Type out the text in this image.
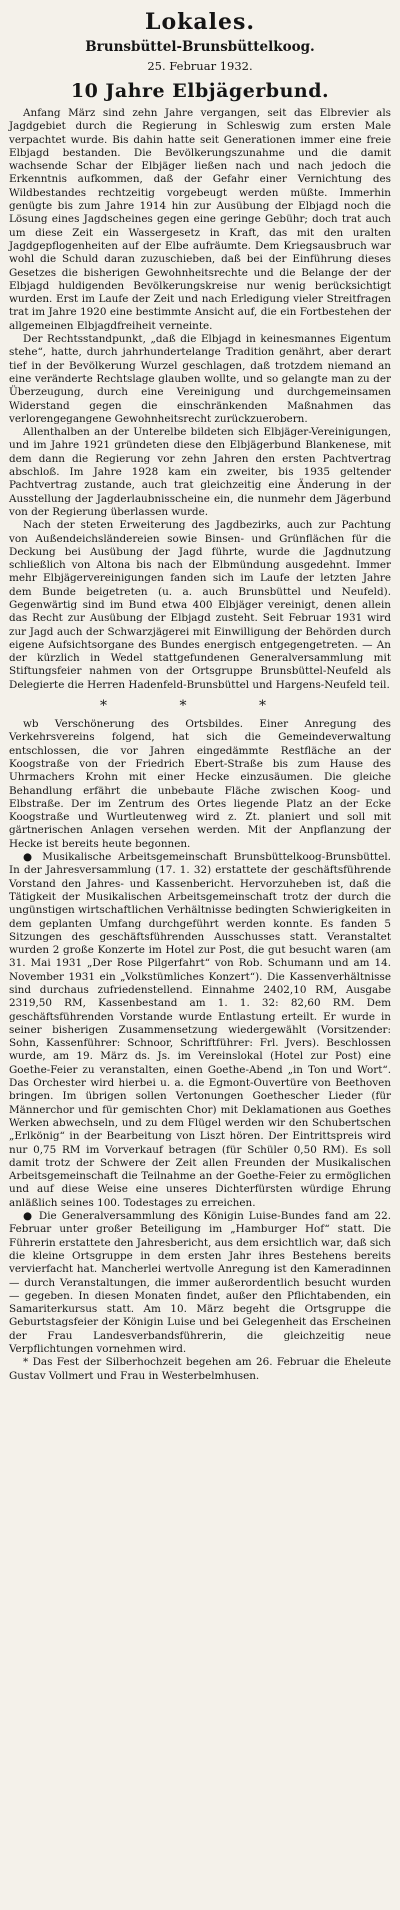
Lokales.
Brunsbüttel-Brunsbüttelkoog.
25. Februar 1932.
10 Jahre Elbjägerbund.

Anfang März sind zehn Jahre vergangen, seit das Elbrevier als Jagdgebiet durch die Regierung in Schleswig zum ersten Male verpachtet wurde. Bis dahin hatte seit Generationen immer eine freie Elbjagd bestanden. Die Bevölkerungszunahme und die damit wachsende Schar der Elbjäger ließen nach und nach jedoch die Erkenntnis aufkommen, daß der Gefahr einer Vernichtung des Wildbestandes rechtzeitig vorgebeugt werden müßte. Immerhin genügte bis zum Jahre 1914 hin zur Ausübung der Elbjagd noch die Lösung eines Jagdscheines gegen eine geringe Gebühr; doch trat auch um diese Zeit ein Wassergesetz in Kraft, das mit den uralten Jagdgepflogenheiten auf der Elbe aufräumte. Dem Kriegsausbruch war wohl die Schuld daran zuzuschieben, daß bei der Einführung dieses Gesetzes die bisherigen Gewohnheitsrechte und die Belange der der Elbjagd huldigenden Bevölkerungskreise nur wenig berücksichtigt wurden. Erst im Laufe der Zeit und nach Erledigung vieler Streitfragen trat im Jahre 1920 eine bestimmte Ansicht auf, die ein Fortbestehen der allgemeinen Elbjagdfreiheit verneinte.

Der Rechtsstandpunkt, „daß die Elbjagd in keinesmannes Eigentum stehe“, hatte, durch jahrhundertelange Tradition genährt, aber derart tief in der Bevölkerung Wurzel geschlagen, daß trotzdem niemand an eine veränderte Rechtslage glauben wollte, und so gelangte man zu der Überzeugung, durch eine Vereinigung und durchgemeinsamen Widerstand gegen die einschränkenden Maßnahmen das verlorengegangene Gewohnheitsrecht zurückzuerobern.

Allenthalben an der Unterelbe bildeten sich Elbjäger-Vereinigungen, und im Jahre 1921 gründeten diese den Elbjägerbund Blankenese, mit dem dann die Regierung vor zehn Jahren den ersten Pachtvertrag abschloß. Im Jahre 1928 kam ein zweiter, bis 1935 geltender Pachtvertrag zustande, auch trat gleichzeitig eine Änderung in der Ausstellung der Jagderlaubnisscheine ein, die nunmehr dem Jägerbund von der Regierung überlassen wurde.

Nach der steten Erweiterung des Jagdbezirks, auch zur Pachtung von Außendeichsländereien sowie Binsen- und Grünflächen für die Deckung bei Ausübung der Jagd führte, wurde die Jagdnutzung schließlich von Altona bis nach der Elbmündung ausgedehnt. Immer mehr Elbjägervereinigungen fanden sich im Laufe der letzten Jahre dem Bunde beigetreten (u. a. auch Brunsbüttel und Neufeld). Gegenwärtig sind im Bund etwa 400 Elbjäger vereinigt, denen allein das Recht zur Ausübung der Elbjagd zusteht. Seit Februar 1931 wird zur Jagd auch der Schwarzjägerei mit Einwilligung der Behörden durch eigene Aufsichtsorgane des Bundes energisch entgegengetreten. — An der kürzlich in Wedel stattgefundenen Generalversammlung mit Stiftungsfeier nahmen von der Ortsgruppe Brunsbüttel-Neufeld als Delegierte die Herren Hadenfeld-Brunsbüttel und Hargens-Neufeld teil.

* * *

wb Verschönerung des Ortsbildes. Einer Anregung des Verkehrsvereins folgend, hat sich die Gemeindeverwaltung entschlossen, die vor Jahren eingedämmte Restfläche an der Koogstraße von der Friedrich Ebert-Straße bis zum Hause des Uhrmachers Krohn mit einer Hecke einzusäumen. Die gleiche Behandlung erfährt die unbebaute Fläche zwischen Koog- und Elbstraße. Der im Zentrum des Ortes liegende Platz an der Ecke Koogstraße und Wurtleutenweg wird z. Zt. planiert und soll mit gärtnerischen Anlagen versehen werden. Mit der Anpflanzung der Hecke ist bereits heute begonnen.

● Musikalische Arbeitsgemeinschaft Brunsbüttelkoog-Brunsbüttel. In der Jahresversammlung (17. 1. 32) erstattete der geschäftsführende Vorstand den Jahres- und Kassenbericht. Hervorzuheben ist, daß die Tätigkeit der Musikalischen Arbeitsgemeinschaft trotz der durch die ungünstigen wirtschaftlichen Verhältnisse bedingten Schwierigkeiten in dem geplanten Umfang durchgeführt werden konnte. Es fanden 5 Sitzungen des geschäftsführenden Ausschusses statt. Veranstaltet wurden 2 große Konzerte im Hotel zur Post, die gut besucht waren (am 31. Mai 1931 „Der Rose Pilgerfahrt“ von Rob. Schumann und am 14. November 1931 ein „Volkstümliches Konzert“). Die Kassenverhältnisse sind durchaus zufriedenstellend. Einnahme 2402,10 RM, Ausgabe 2319,50 RM, Kassenbestand am 1. 1. 32: 82,60 RM. Dem geschäftsführenden Vorstande wurde Entlastung erteilt. Er wurde in seiner bisherigen Zusammensetzung wiedergewählt (Vorsitzender: Sohn, Kassenführer: Schnoor, Schriftführer: Frl. Jvers). Beschlossen wurde, am 19. März ds. Js. im Vereinslokal (Hotel zur Post) eine Goethe-Feier zu veranstalten, einen Goethe-Abend „in Ton und Wort“. Das Orchester wird hierbei u. a. die Egmont-Ouvertüre von Beethoven bringen. Im übrigen sollen Vertonungen Goethescher Lieder (für Männerchor und für gemischten Chor) mit Deklamationen aus Goethes Werken abwechseln, und zu dem Flügel werden wir den Schubertschen „Erlkönig“ in der Bearbeitung von Liszt hören. Der Eintrittspreis wird nur 0,75 RM im Vorverkauf betragen (für Schüler 0,50 RM). Es soll damit trotz der Schwere der Zeit allen Freunden der Musikalischen Arbeitsgemeinschaft die Teilnahme an der Goethe-Feier zu ermöglichen und auf diese Weise eine unseres Dichterfürsten würdige Ehrung anläßlich seines 100. Todestages zu erreichen.

● Die Generalversammlung des Königin Luise-Bundes fand am 22. Februar unter großer Beteiligung im „Hamburger Hof“ statt. Die Führerin erstattete den Jahresbericht, aus dem ersichtlich war, daß sich die kleine Ortsgruppe in dem ersten Jahr ihres Bestehens bereits vervierfacht hat. Mancherlei wertvolle Anregung ist den Kameradinnen — durch Veranstaltungen, die immer außerordentlich besucht wurden — gegeben. In diesen Monaten findet, außer den Pflichtabenden, ein Samariterkursus statt. Am 10. März begeht die Ortsgruppe die Geburtstagsfeier der Königin Luise und bei Gelegenheit das Erscheinen der Frau Landesverbandsführerin, die gleichzeitig neue Verpflichtungen vornehmen wird.

* Das Fest der Silberhochzeit begehen am 26. Februar die Eheleute Gustav Vollmert und Frau in Westerbelmhusen.
